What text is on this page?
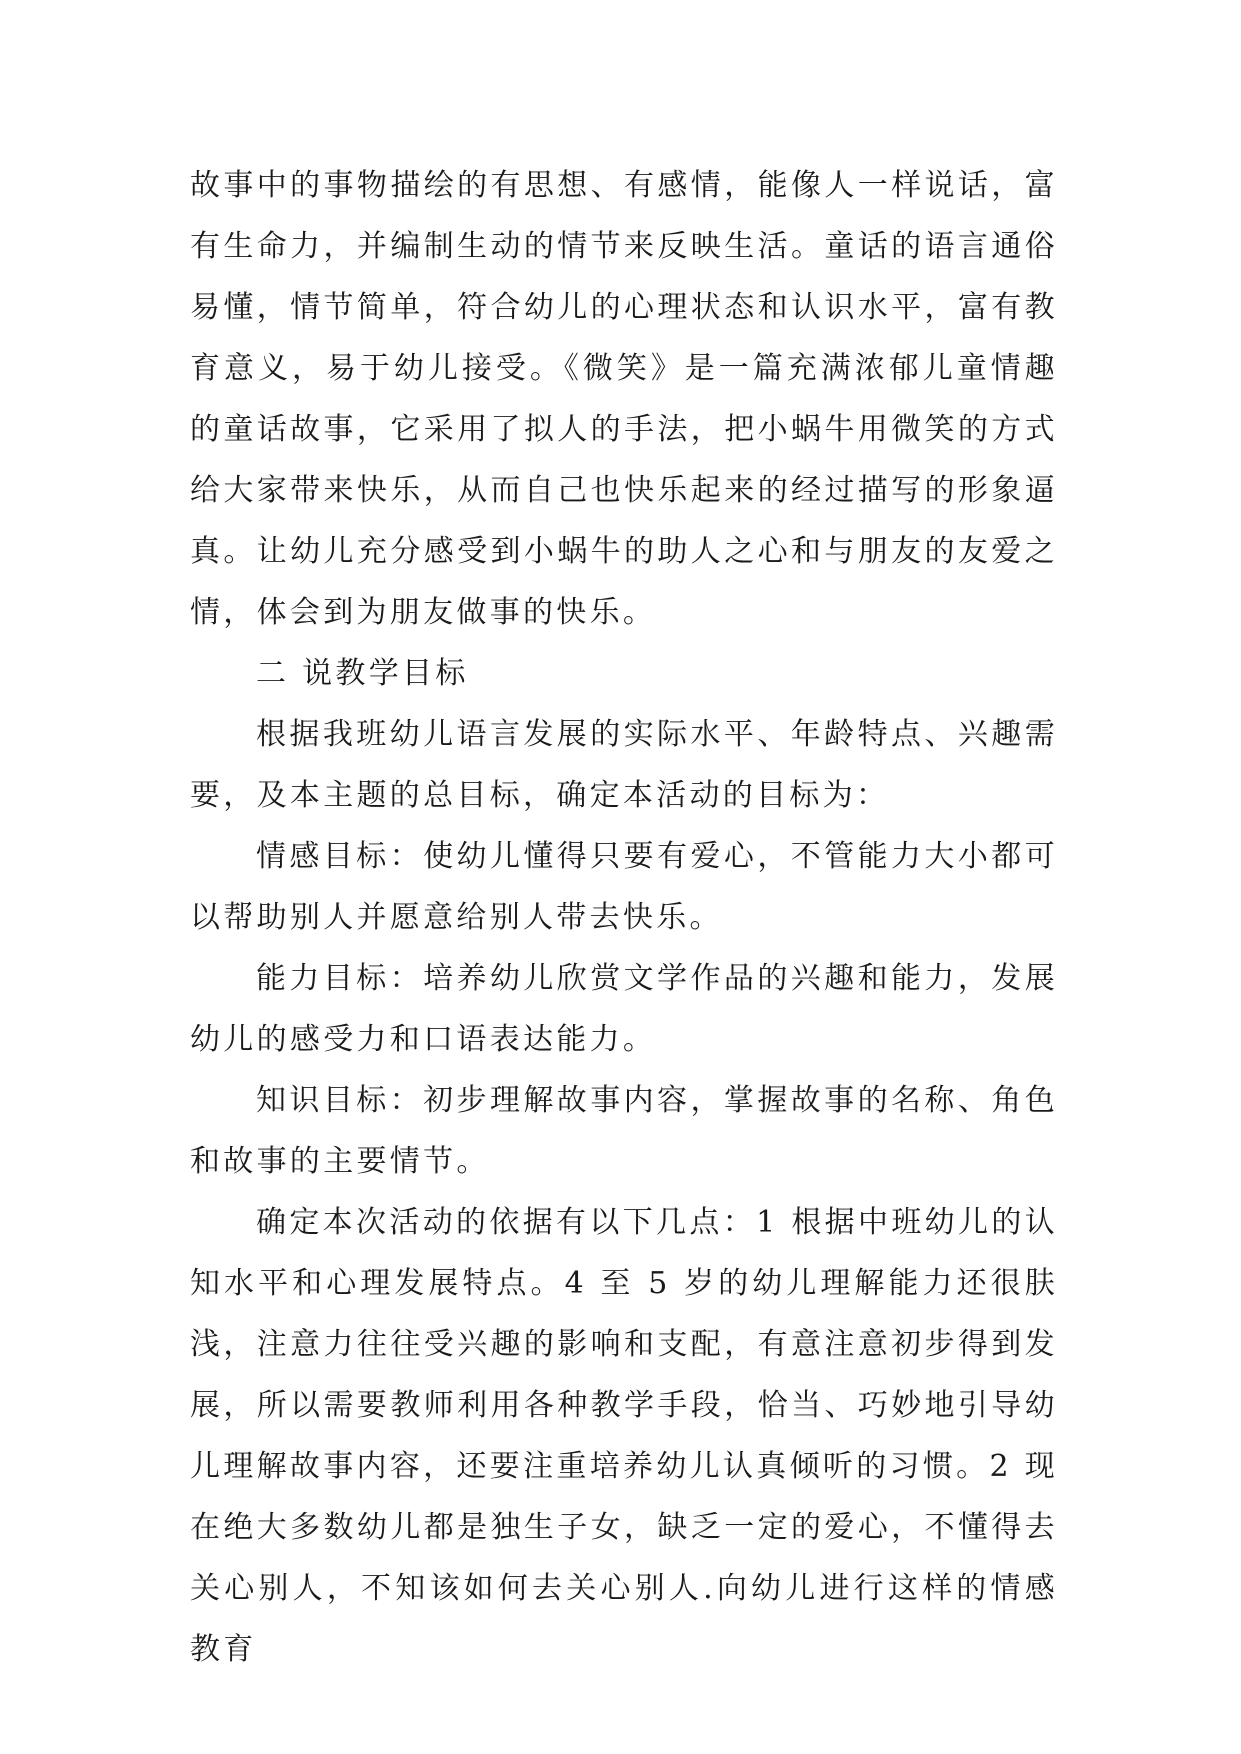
故事中的事物描绘的有思想、有感情，能像人一样说话，富有生命力，并编制生动的情节来反映生活。童话的语言通俗易懂，情节简单，符合幼儿的心理状态和认识水平，富有教育意义，易于幼儿接受。《微笑》是一篇充满浓郁儿童情趣的童话故事，它采用了拟人的手法，把小蜗牛用微笑的方式给大家带来快乐，从而自己也快乐起来的经过描写的形象逼真。让幼儿充分感受到小蜗牛的助人之心和与朋友的友爱之情，体会到为朋友做事的快乐。

二 说教学目标

根据我班幼儿语言发展的实际水平、年龄特点、兴趣需要，及本主题的总目标，确定本活动的目标为：

情感目标：使幼儿懂得只要有爱心，不管能力大小都可以帮助别人并愿意给别人带去快乐。

能力目标：培养幼儿欣赏文学作品的兴趣和能力，发展幼儿的感受力和口语表达能力。

知识目标：初步理解故事内容，掌握故事的名称、角色和故事的主要情节。

确定本次活动的依据有以下几点：1 根据中班幼儿的认知水平和心理发展特点。4 至 5 岁的幼儿理解能力还很肤浅，注意力往往受兴趣的影响和支配，有意注意初步得到发展，所以需要教师利用各种教学手段，恰当、巧妙地引导幼儿理解故事内容，还要注重培养幼儿认真倾听的习惯。2 现在绝大多数幼儿都是独生子女，缺乏一定的爱心，不懂得去关心别人，不知该如何去关心别人.向幼儿进行这样的情感教育
